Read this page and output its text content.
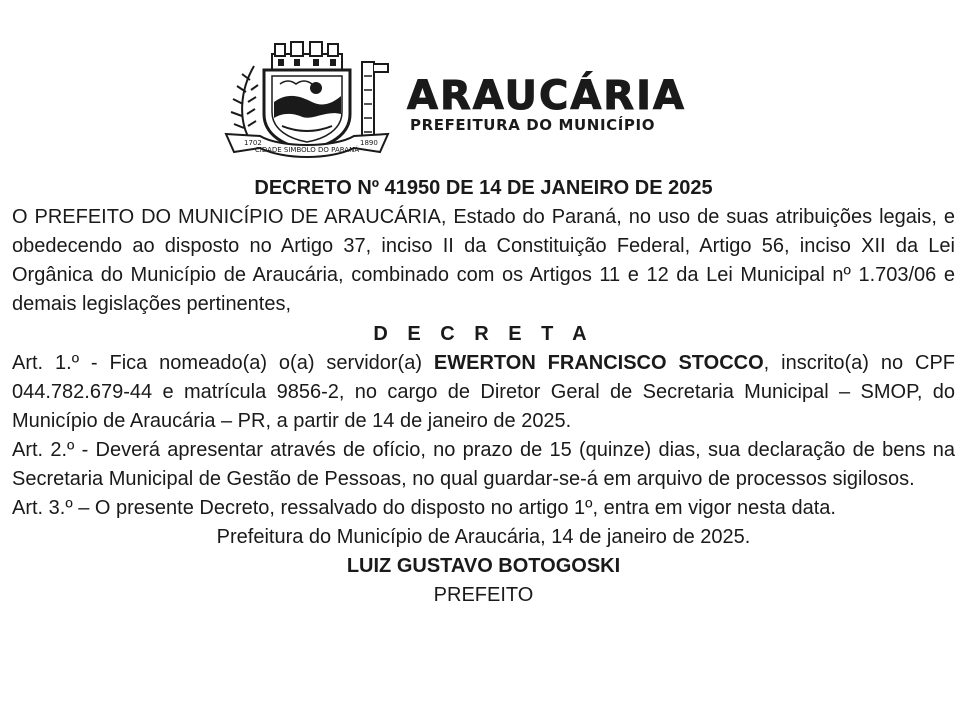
1702
CIDADE SIMBOLO DO PARANÁ
1890
ARAUCÁRIA
PREFEITURA DO MUNICÍPIO

DECRETO Nº 41950 DE 14 DE JANEIRO DE 2025

O PREFEITO DO MUNICÍPIO DE ARAUCÁRIA, Estado do Paraná, no uso de suas atribuições legais, e obedecendo ao disposto no Artigo 37, inciso II da Constituição Federal, Artigo 56, inciso XII da Lei Orgânica do Município de Araucária, combinado com os Artigos 11 e 12 da Lei Municipal nº 1.703/06 e demais legislações pertinentes,

D E C R E T A

Art. 1.º - Fica nomeado(a) o(a) servidor(a) EWERTON FRANCISCO STOCCO, inscrito(a) no CPF 044.782.679-44 e matrícula 9856-2, no cargo de Diretor Geral de Secretaria Municipal – SMOP, do Município de Araucária – PR, a partir de 14 de janeiro de 2025.

Art. 2.º - Deverá apresentar através de ofício, no prazo de 15 (quinze) dias, sua declaração de bens na Secretaria Municipal de Gestão de Pessoas, no qual guardar-se-á em arquivo de processos sigilosos.

Art. 3.º – O presente Decreto, ressalvado do disposto no artigo 1º, entra em vigor nesta data.

Prefeitura do Município de Araucária, 14 de janeiro de 2025.

LUIZ GUSTAVO BOTOGOSKI

PREFEITO
